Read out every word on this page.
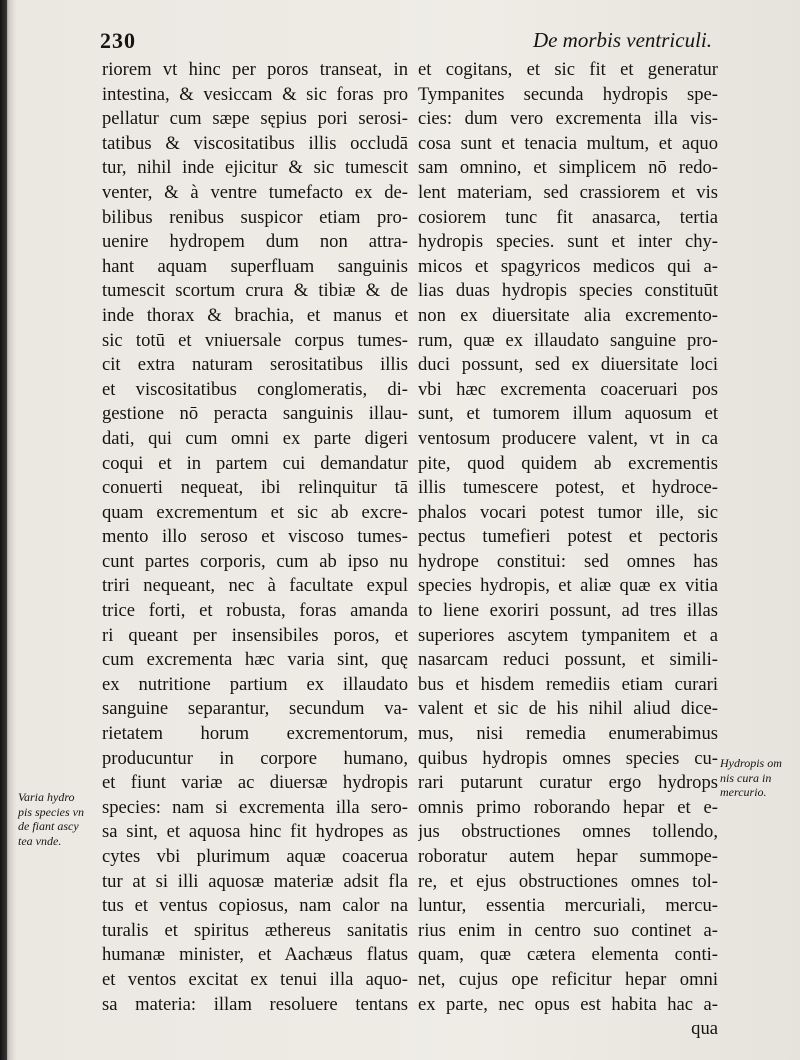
230	De morbis ventriculi.
riorem vt hinc per poros transeat, in
intestina, & vesiccam & sic foras pro
pellatur cum sæpe sępius pori serosi-
tatibus & viscositatibus illis occludā
tur, nihil inde ejicitur & sic tumescit
venter, & à ventre tumefacto ex de-
bilibus renibus suspicor etiam pro-
uenire hydropem dum non attra-
hant aquam superfluam sanguinis
tumescit scortum crura & tibiæ & de
inde thorax & brachia, et manus et
sic totū et vniuersale corpus tumes-
cit extra naturam serositatibus illis
et viscositatibus conglomeratis, di-
gestione nō peracta sanguinis illau-
dati, qui cum omni ex parte digeri
coqui et in partem cui demandatur
conuerti nequeat, ibi relinquitur tā
quam excrementum et sic ab excre-
mento illo seroso et viscoso tumes-
cunt partes corporis, cum ab ipso nu
triri nequeant, nec à facultate expul
trice forti, et robusta, foras amanda
ri queant per insensibiles poros, et
cum excrementa hæc varia sint, quę
ex nutritione partium ex illaudato
sanguine separantur, secundum va-
rietatem horum excrementorum,
producuntur in corpore humano,
et fiunt variæ ac diuersæ hydropis
species: nam si excrementa illa sero-
sa sint, et aquosa hinc fit hydropes as
cytes vbi plurimum aquæ coacerua
tur at si illi aquosæ materiæ adsit fla
tus et ventus copiosus, nam calor na
turalis et spiritus æthereus sanitatis
humanæ minister, et Aachæus flatus
et ventos excitat ex tenui illa aquo-
sa materia: illam resoluere tentans
et cogitans, et sic fit et generatur
Tympanites secunda hydropis spe-
cies: dum vero excrementa illa vis-
cosa sunt et tenacia multum, et aquo
sam omnino, et simplicem nō redo-
lent materiam, sed crassiorem et vis
cosiorem tunc fit anasarca, tertia
hydropis species. sunt et inter chy-
micos et spagyricos medicos qui a-
lias duas hydropis species constituūt
non ex diuersitate alia excremento-
rum, quæ ex illaudato sanguine pro-
duci possunt, sed ex diuersitate loci
vbi hæc excrementa coaceruari pos
sunt, et tumorem illum aquosum et
ventosum producere valent, vt in ca
pite, quod quidem ab excrementis
illis tumescere potest, et hydroce-
phalos vocari potest tumor ille, sic
pectus tumefieri potest et pectoris
hydrope constitui: sed omnes has
species hydropis, et aliæ quæ ex vitia
to liene exoriri possunt, ad tres illas
superiores ascytem tympanitem et a
nasarcam reduci possunt, et simili-
bus et hisdem remediis etiam curari
valent et sic de his nihil aliud dice-
mus, nisi remedia enumerabimus
quibus hydropis omnes species cu-
rari putarunt curatur ergo hydrops
omnis primo roborando hepar et e-
jus obstructiones omnes tollendo,
roboratur autem hepar summope-
re, et ejus obstructiones omnes tol-
luntur, essentia mercuriali, mercu-
rius enim in centro suo continet a-
quam, quæ cætera elementa conti-
net, cujus ope reficitur hepar omni
ex parte, nec opus est habita hac a-
qua
Varia hydro
pis species vn
de fiant ascy
tea vnde.
Hydropis om
nis cura in
mercurio.
